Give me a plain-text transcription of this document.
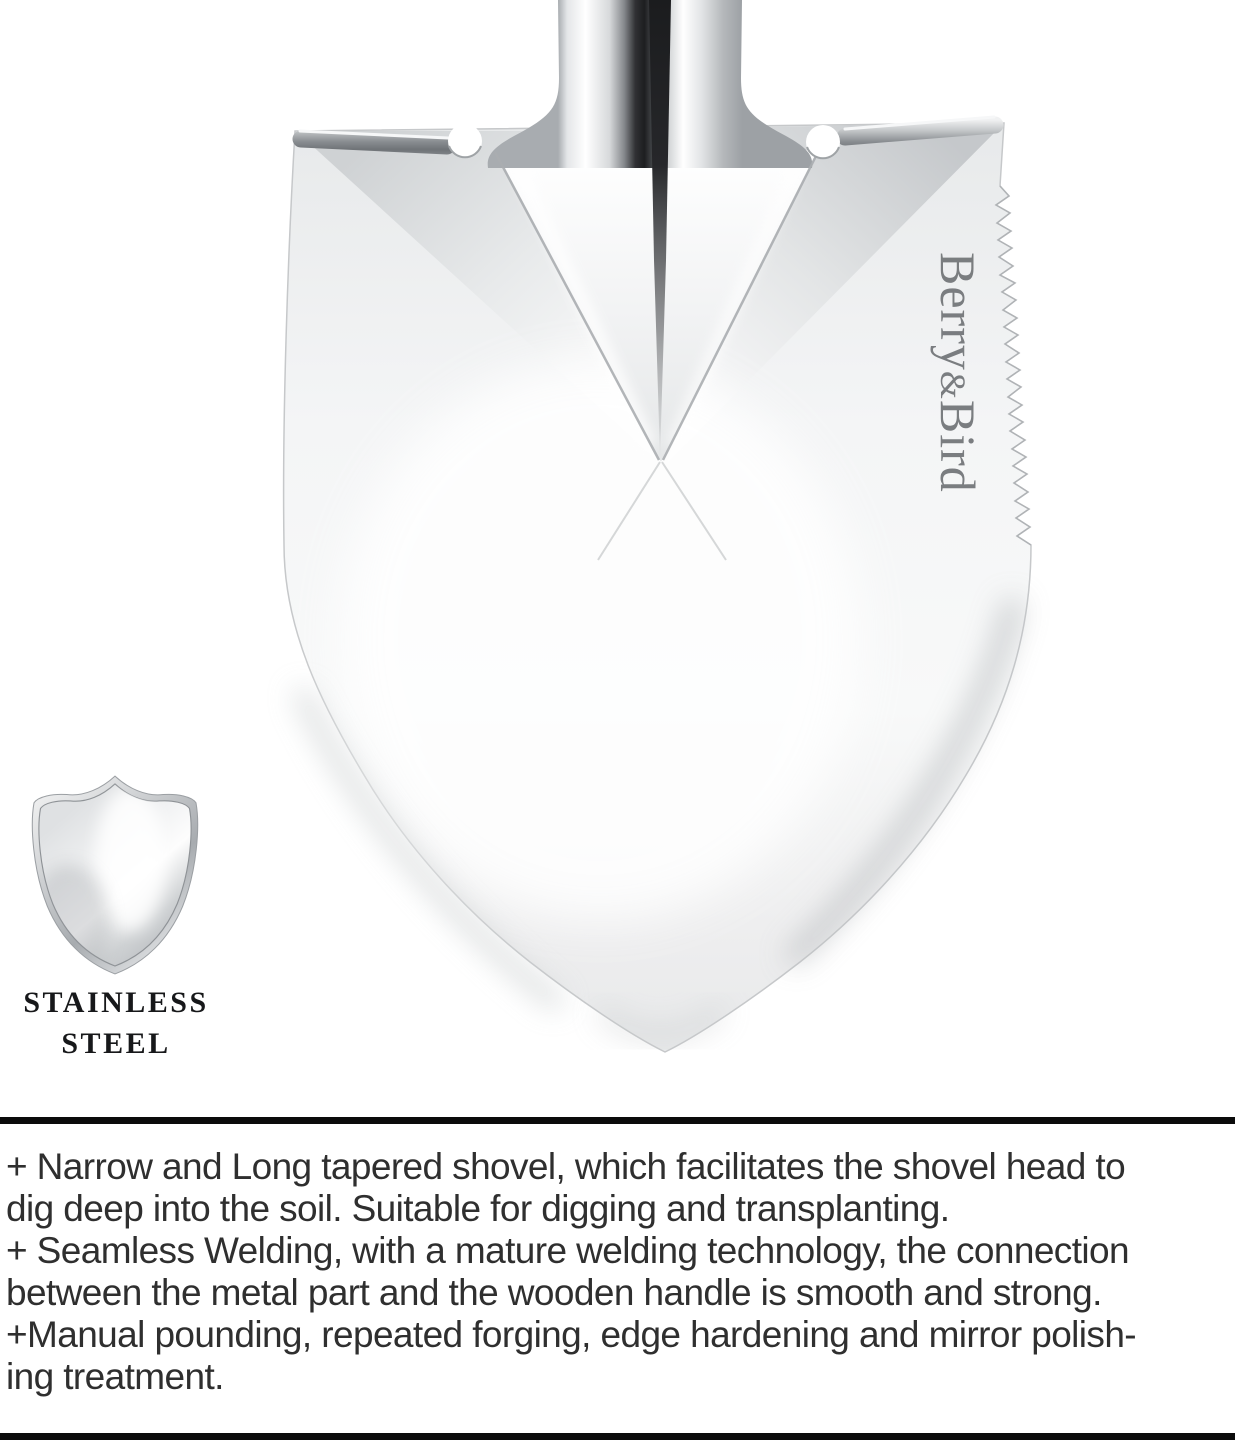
Berry&Bird
STAINLESS
STEEL
+ Narrow and Long tapered shovel, which facilitates the shovel head to
dig deep into the soil. Suitable for digging and transplanting.
+ Seamless Welding, with a mature welding technology, the connection
between the metal part and the wooden handle is smooth and strong.
+Manual pounding, repeated forging, edge hardening and mirror polish-
ing treatment.
